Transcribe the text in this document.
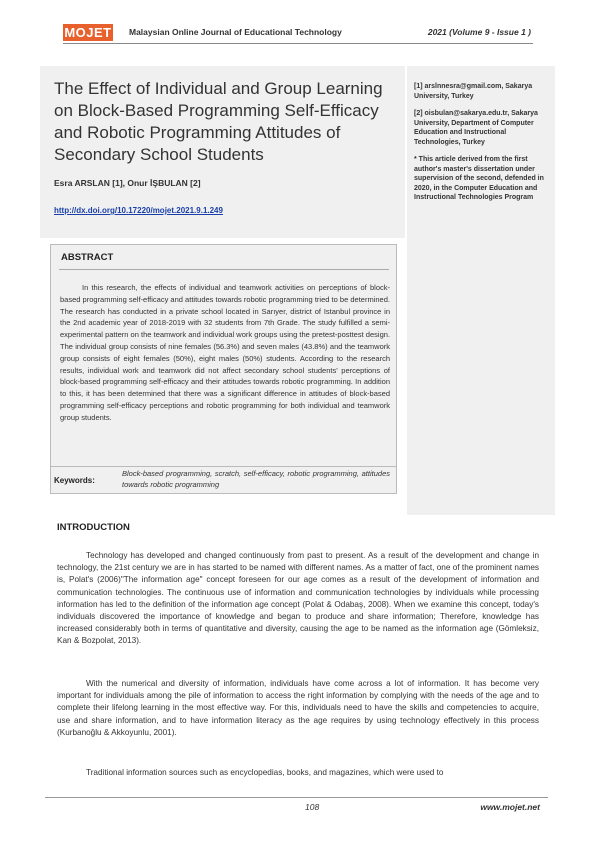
MOJET Malaysian Online Journal of Educational Technology	2021 (Volume 9 - Issue 1 )
The Effect of Individual and Group Learning on Block-Based Programming Self-Efficacy and Robotic Programming Attitudes of Secondary School Students
Esra ARSLAN [1], Onur İŞBULAN [2]
http://dx.doi.org/10.17220/mojet.2021.9.1.249

[1] arslnnesra@gmail.com, Sakarya University, Turkey

[2] oisbulan@sakarya.edu.tr, Sakarya University, Department of Computer Education and Instructional Technologies, Turkey

* This article derived from the first author's master's dissertation under supervision of the second, defended in 2020, in the Computer Education and Instructional Technologies Program

ABSTRACT

In this research, the effects of individual and teamwork activities on perceptions of block-based programming self-efficacy and attitudes towards robotic programming tried to be determined. The research has conducted in a private school located in Sarıyer, district of Istanbul province in the 2nd academic year of 2018-2019 with 32 students from 7th Grade. The study fulfilled a semi-experimental pattern on the teamwork and individual work groups using the pretest-posttest design. The individual group consists of nine females (56.3%) and seven males (43.8%) and the teamwork group consists of eight females (50%), eight males (50%) students. According to the research results, individual work and teamwork did not affect secondary school students' perceptions of block-based programming self-efficacy and their attitudes towards robotic programming. In addition to this, it has been determined that there was a significant difference in attitudes of block-based programming self-efficacy perceptions and robotic programming for both individual and teamwork group students.

Keywords:
Block-based programming, scratch, self-efficacy, robotic programming, attitudes towards robotic programming
INTRODUCTION

Technology has developed and changed continuously from past to present. As a result of the development and change in technology, the 21st century we are in has started to be named with different names. As a matter of fact, one of the prominent names is, Polat's (2006)"The information age" concept foreseen for our age comes as a result of the development of information and communication technologies. The continuous use of information and communication technologies by individuals while processing information has led to the definition of the information age concept (Polat & Odabaş, 2008). When we examine this concept, today's individuals discovered the importance of knowledge and began to produce and share information; Therefore, knowledge has increased considerably both in terms of quantitative and diversity, causing the age to be named as the information age (Gömleksiz, Kan & Bozpolat, 2013).

With the numerical and diversity of information, individuals have come across a lot of information. It has become very important for individuals among the pile of information to access the right information by complying with the needs of the age and to complete their lifelong learning in the most effective way. For this, individuals need to have the skills and competencies to acquire, use and share information, and to have information literacy as the age requires by using technology effectively in this process (Kurbanoğlu & Akkoyunlu, 2001).

Traditional information sources such as encyclopedias, books, and magazines, which were used to

108	www.mojet.net
